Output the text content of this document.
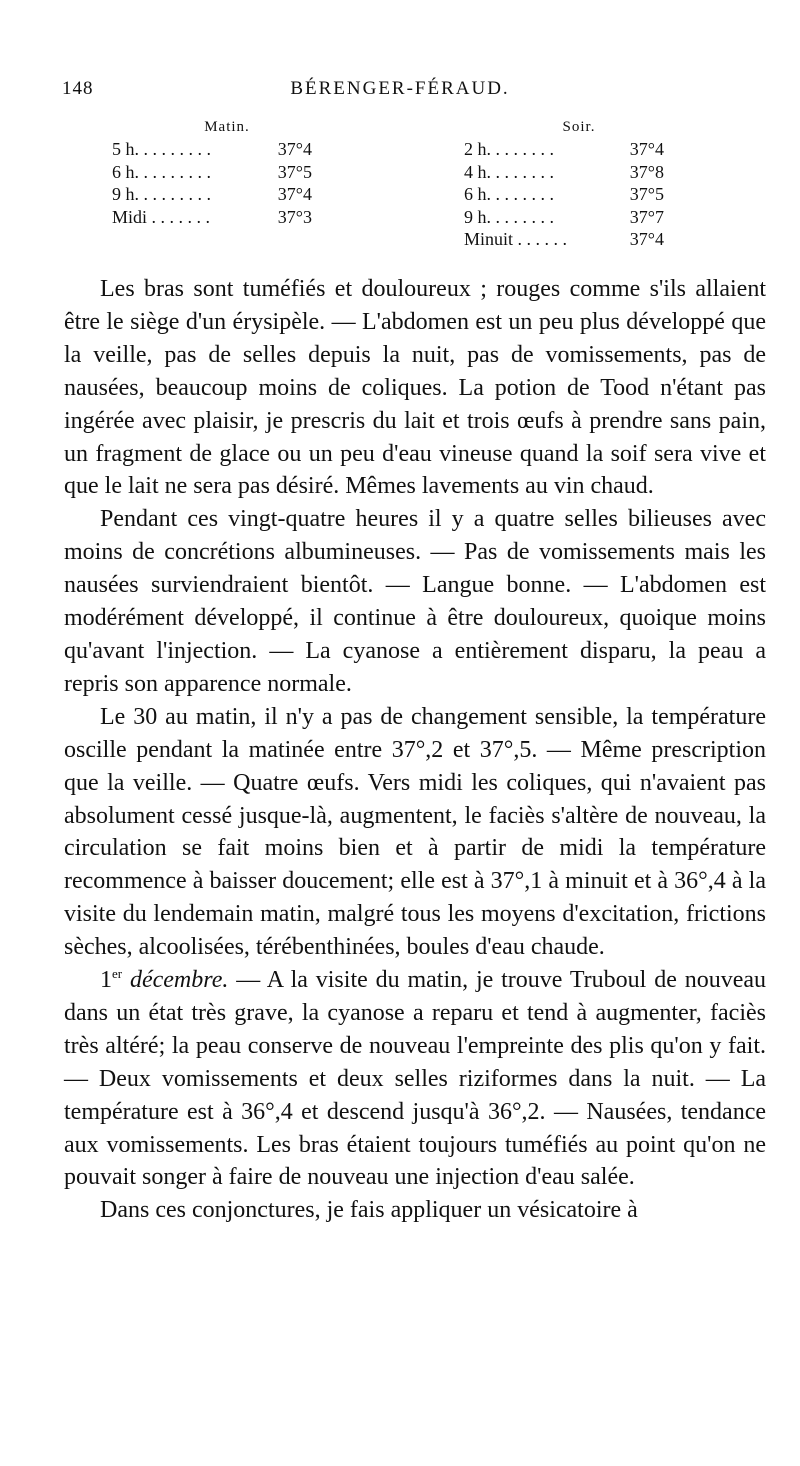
148	BÉRENGER-FÉRAUD.
Matin.
5 h. . . . . . . . .	37°4
6 h. . . . . . . . .	37°5
9 h. . . . . . . . .	37°4
Midi . . . . . . .	37°3
Soir.
2 h. . . . . . . .	37°4
4 h. . . . . . . .	37°8
6 h. . . . . . . .	37°5
9 h. . . . . . . .	37°7
Minuit . . . . . .	37°4

Les bras sont tuméfiés et douloureux ; rouges comme s'ils allaient être le siège d'un érysipèle. — L'abdomen est un peu plus développé que la veille, pas de selles depuis la nuit, pas de vomissements, pas de nausées, beaucoup moins de coliques. La potion de Tood n'étant pas ingérée avec plaisir, je prescris du lait et trois œufs à prendre sans pain, un fragment de glace ou un peu d'eau vineuse quand la soif sera vive et que le lait ne sera pas désiré. Mêmes lavements au vin chaud.

Pendant ces vingt-quatre heures il y a quatre selles bilieuses avec moins de concrétions albumineuses. — Pas de vomissements mais les nausées surviendraient bientôt. — Langue bonne. — L'abdomen est modérément développé, il continue à être douloureux, quoique moins qu'avant l'injection. — La cyanose a entièrement disparu, la peau a repris son apparence normale.

Le 30 au matin, il n'y a pas de changement sensible, la température oscille pendant la matinée entre 37°,2 et 37°,5. — Même prescription que la veille. — Quatre œufs. Vers midi les coliques, qui n'avaient pas absolument cessé jusque-là, augmentent, le faciès s'altère de nouveau, la circulation se fait moins bien et à partir de midi la température recommence à baisser doucement; elle est à 37°,1 à minuit et à 36°,4 à la visite du lendemain matin, malgré tous les moyens d'excitation, frictions sèches, alcoolisées, térébenthinées, boules d'eau chaude.

1er décembre. — A la visite du matin, je trouve Truboul de nouveau dans un état très grave, la cyanose a reparu et tend à augmenter, faciès très altéré; la peau conserve de nouveau l'empreinte des plis qu'on y fait. — Deux vomissements et deux selles riziformes dans la nuit. — La température est à 36°,4 et descend jusqu'à 36°,2. — Nausées, tendance aux vomissements. Les bras étaient toujours tuméfiés au point qu'on ne pouvait songer à faire de nouveau une injection d'eau salée.

Dans ces conjonctures, je fais appliquer un vésicatoire à
